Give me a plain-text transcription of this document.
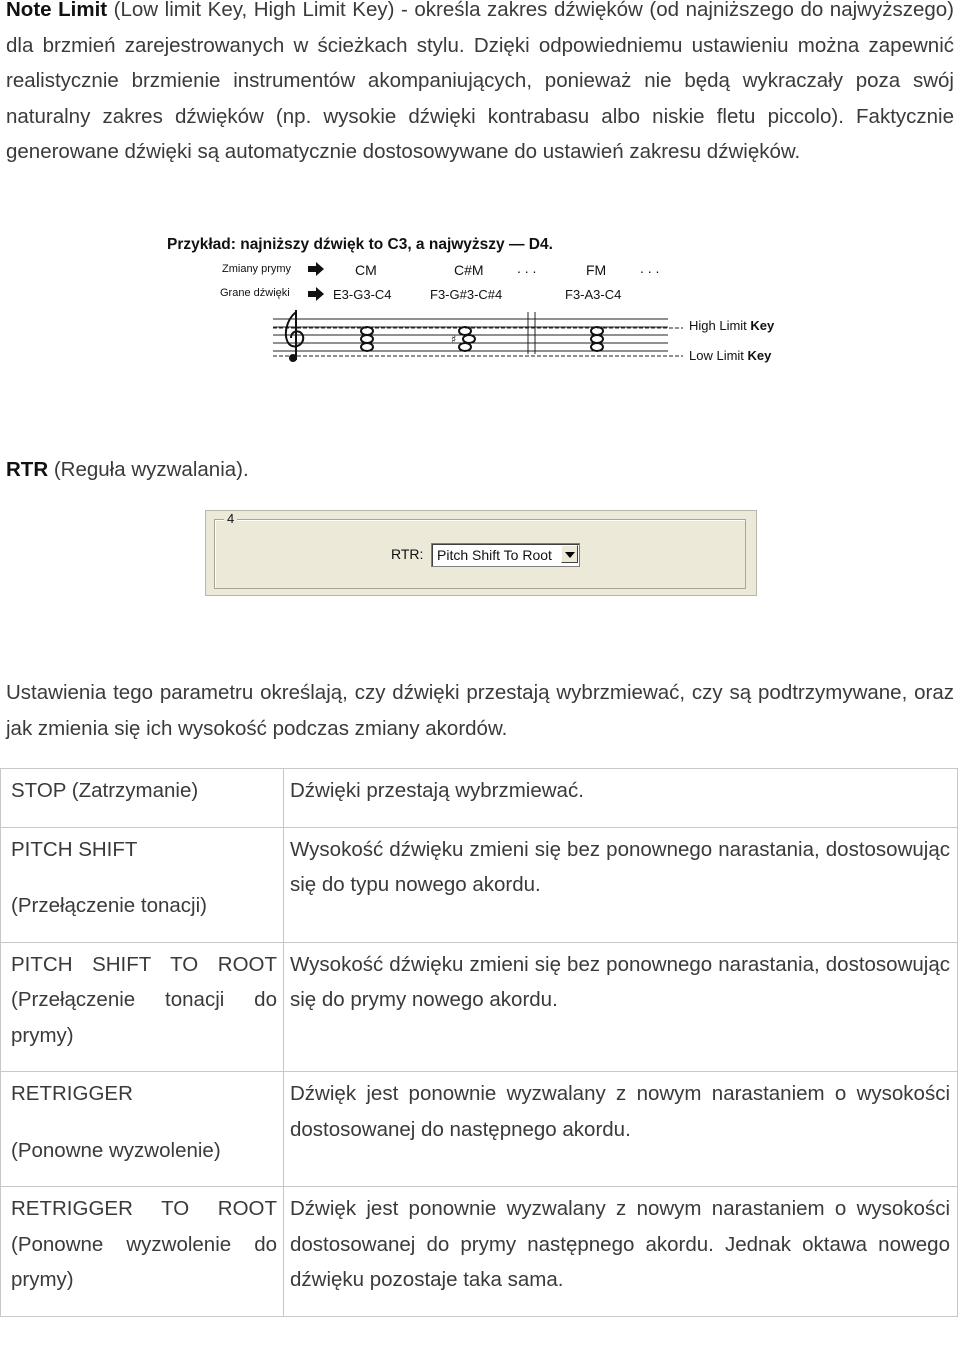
Note Limit (Low limit Key, High Limit Key) - określa zakres dźwięków (od najniższego do najwyższego) dla brzmień zarejestrowanych w ścieżkach stylu. Dzięki odpowiedniemu ustawieniu można zapewnić realistycznie brzmienie instrumentów akompaniujących, ponieważ nie będą wykraczały poza swój naturalny zakres dźwięków (np. wysokie dźwięki kontrabasu albo niskie fletu piccolo). Faktycznie generowane dźwięki są automatycznie dostosowywane do ustawień zakresu dźwięków.
Przykład: najniższy dźwięk to C3, a najwyższy — D4.
Zmiany prymy
Grane dźwięki
♯
CM	C#M . . .	FM . . .
E3-G3-C4	F3-G#3-C#4	F3-A3-C4
High Limit Key
Low Limit Key
RTR (Reguła wyzwalania).
4
RTR: Pitch Shift To Root
Ustawienia tego parametru określają, czy dźwięki przestają wybrzmiewać, czy są podtrzymywane, oraz jak zmienia się ich wysokość podczas zmiany akordów.
STOP (Zatrzymanie)	Dźwięki przestają wybrzmiewać.
PITCH SHIFT
(Przełączenie tonacji)	Wysokość dźwięku zmieni się bez ponownego narastania, dostosowując się do typu nowego akordu.
PITCH SHIFT TO ROOT (Przełączenie tonacji do prymy)	Wysokość dźwięku zmieni się bez ponownego narastania, dostosowując się do prymy nowego akordu.
RETRIGGER
(Ponowne wyzwolenie)	Dźwięk jest ponownie wyzwalany z nowym narastaniem o wysokości dostosowanej do następnego akordu.
RETRIGGER TO ROOT (Ponowne wyzwolenie do prymy)	Dźwięk jest ponownie wyzwalany z nowym narastaniem o wysokości dostosowanej do prymy następnego akordu. Jednak oktawa nowego dźwięku pozostaje taka sama.
